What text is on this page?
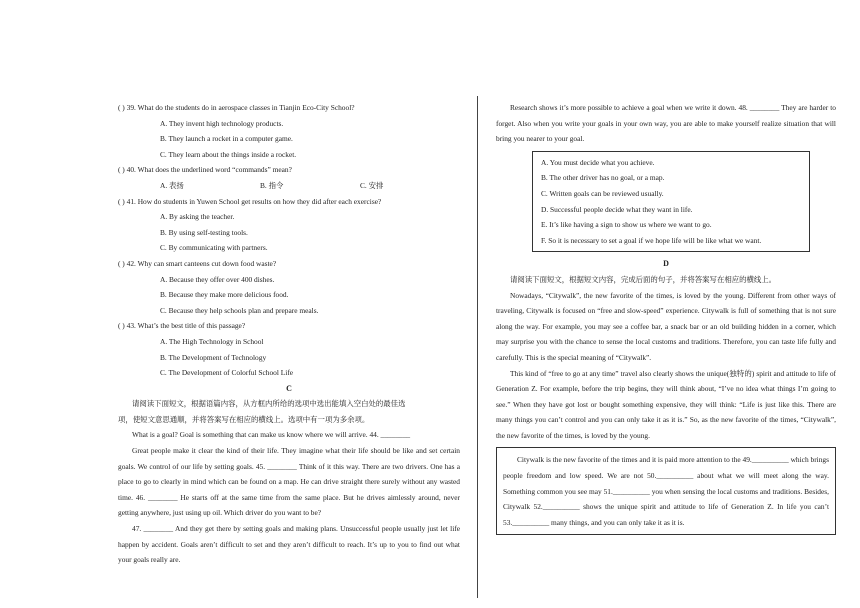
( ) 39. What do the students do in aerospace classes in Tianjin Eco-City School?
A. They invent high technology products.
B. They launch a rocket in a computer game.
C. They learn about the things inside a rocket.
( ) 40. What does the underlined word “commands” mean?
A. 表扬	B. 指令	C. 安排
( ) 41. How do students in Yuwen School get results on how they did after each exercise?
A. By asking the teacher.
B. By using self-testing tools.
C. By communicating with partners.
( ) 42. Why can smart canteens cut down food waste?
A. Because they offer over 400 dishes.
B. Because they make more delicious food.
C. Because they help schools plan and prepare meals.
( ) 43. What’s the best title of this passage?
A. The High Technology in School
B. The Development of Technology
C. The Development of Colorful School Life
C
请阅读下面短文，根据语篇内容，从方框内所给的选项中选出能填入空白处的最佳选
项，使短文意思通顺，并将答案写在相应的横线上。选项中有一项为多余项。
What is a goal? Goal is something that can make us know where we will arrive. 44. ________
Great people make it clear the kind of their life. They imagine what their life should be like and set certain goals. We control of our life by setting goals. 45. ________ Think of it this way. There are two drivers. One has a place to go to clearly in mind which can be found on a map. He can drive straight there surely without any wasted time. 46. ________ He starts off at the same time from the same place. But he drives aimlessly around, never getting anywhere, just using up oil. Which driver do you want to be?
47. ________ And they get there by setting goals and making plans. Unsuccessful people usually just let life happen by accident. Goals aren’t difficult to set and they aren’t difficult to reach. It’s up to you to find out what your goals really are.
Research shows it’s more possible to achieve a goal when we write it down. 48. ________ They are harder to forget. Also when you write your goals in your own way, you are able to make yourself realize situation that will bring you nearer to your goal.
A. You must decide what you achieve.
B. The other driver has no goal, or a map.
C. Written goals can be reviewed usually.
D. Successful people decide what they want in life.
E. It’s like having a sign to show us where we want to go.
F. So it is necessary to set a goal if we hope life will be like what we want.
D
请阅读下面短文，根据短文内容，完成后面的句子，并将答案写在相应的横线上。
Nowadays, “Citywalk”, the new favorite of the times, is loved by the young. Different from other ways of traveling, Citywalk is focused on “free and slow-speed” experience. Citywalk is full of something that is not sure along the way. For example, you may see a coffee bar, a snack bar or an old building hidden in a corner, which may surprise you with the chance to sense the local customs and traditions. Therefore, you can taste life fully and carefully. This is the special meaning of “Citywalk”.
This kind of “free to go at any time” travel also clearly shows the unique(独特的) spirit and attitude to life of Generation Z. For example, before the trip begins, they will think about, “I’ve no idea what things I’m going to see.” When they have got lost or bought something expensive, they will think: “Life is just like this. There are many things you can’t control and you can only take it as it is.” So, as the new favorite of the times, “Citywalk”, the new favorite of the times, is loved by the young.
Citywalk is the new favorite of the times and it is paid more attention to the 49.__________ which brings people freedom and low speed. We are not 50.__________ about what we will meet along the way. Something common you see may 51.__________ you when sensing the local customs and traditions. Besides, Citywalk 52.__________ shows the unique spirit and attitude to life of Generation Z. In life you can’t 53.__________ many things, and you can only take it as it is.
